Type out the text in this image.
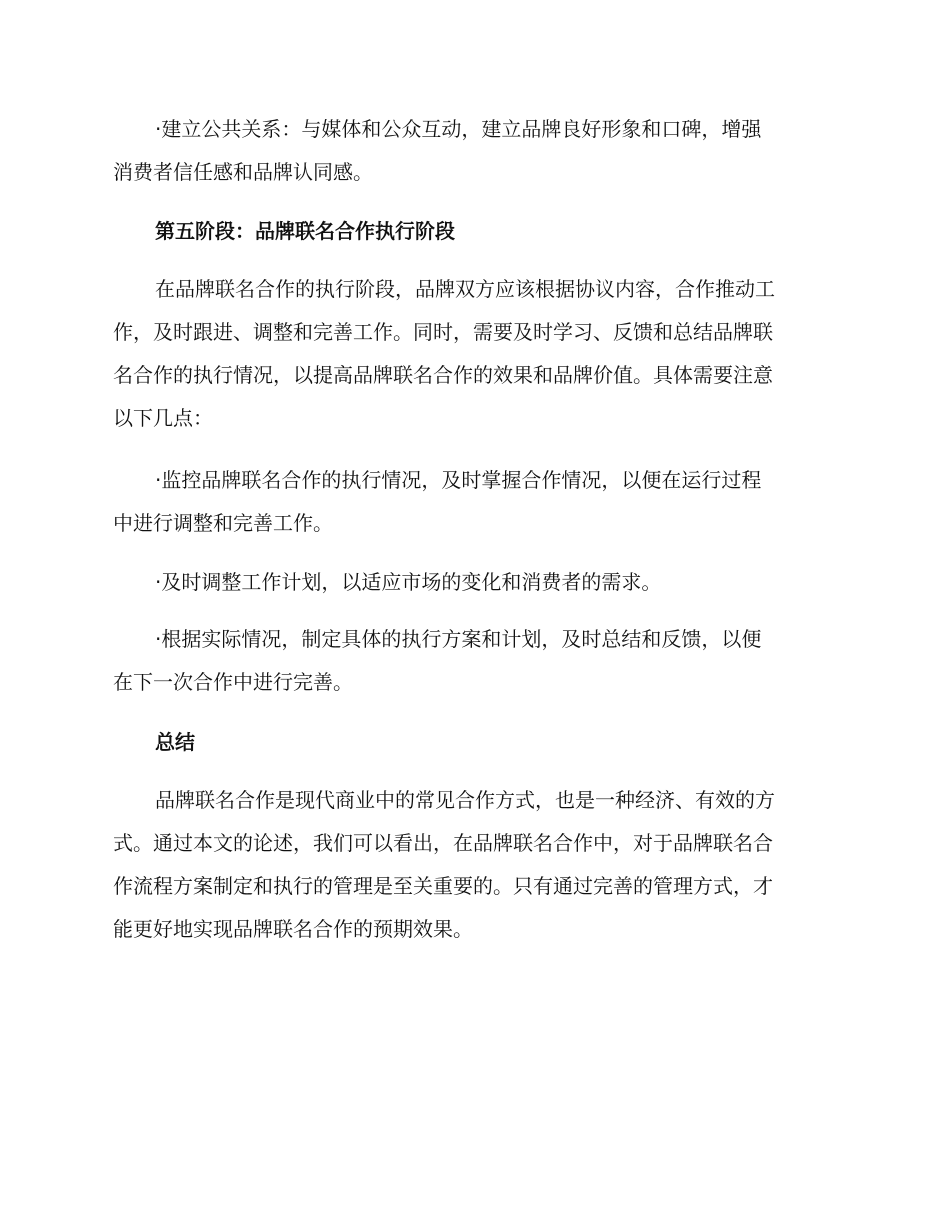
·建立公共关系：与媒体和公众互动，建立品牌良好形象和口碑，增强
消费者信任感和品牌认同感。

第五阶段：品牌联名合作执行阶段

在品牌联名合作的执行阶段，品牌双方应该根据协议内容，合作推动工
作，及时跟进、调整和完善工作。同时，需要及时学习、反馈和总结品牌联
名合作的执行情况，以提高品牌联名合作的效果和品牌价值。具体需要注意
以下几点：

·监控品牌联名合作的执行情况，及时掌握合作情况，以便在运行过程
中进行调整和完善工作。

·及时调整工作计划，以适应市场的变化和消费者的需求。

·根据实际情况，制定具体的执行方案和计划，及时总结和反馈，以便
在下一次合作中进行完善。

总结

品牌联名合作是现代商业中的常见合作方式，也是一种经济、有效的方
式。通过本文的论述，我们可以看出，在品牌联名合作中，对于品牌联名合
作流程方案制定和执行的管理是至关重要的。只有通过完善的管理方式，才
能更好地实现品牌联名合作的预期效果。
